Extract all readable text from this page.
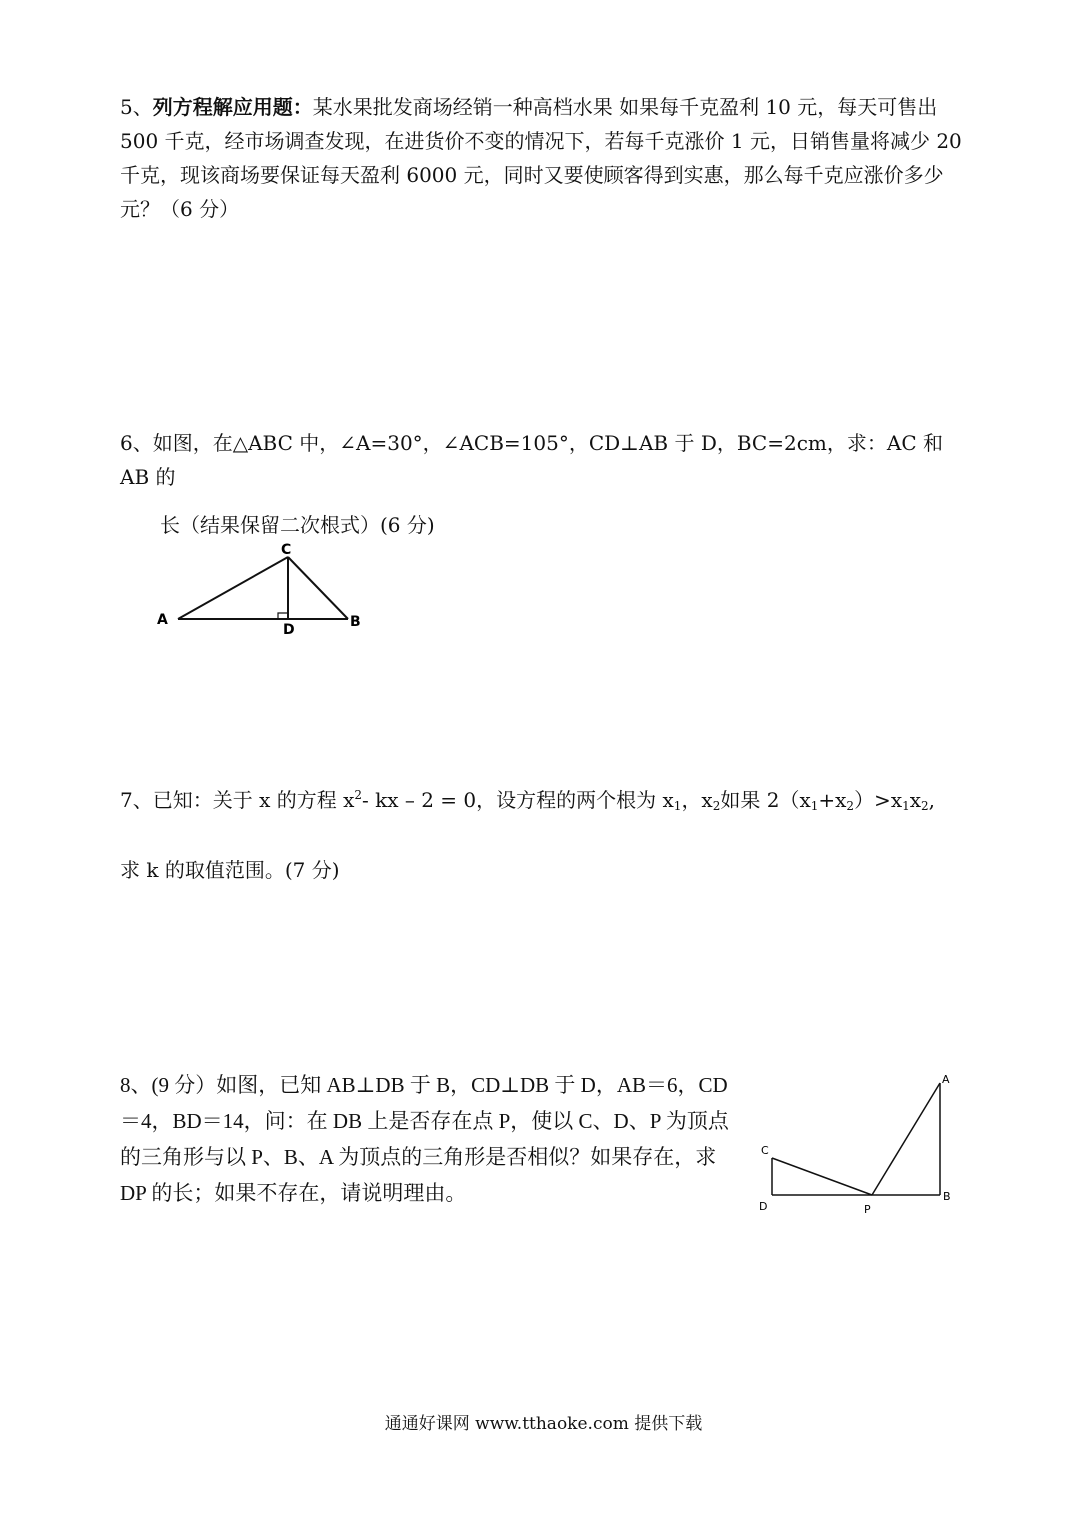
5、列方程解应用题：某水果批发商场经销一种高档水果 如果每千克盈利 10 元，每天可售出 500 千克，经市场调查发现，在进货价不变的情况下，若每千克涨价 1 元，日销售量将减少 20 千克，现该商场要保证每天盈利 6000 元，同时又要使顾客得到实惠，那么每千克应涨价多少元？（6 分）
6、如图，在△ABC 中，∠A=30°，∠ACB=105°，CD⊥AB 于 D，BC=2cm，求：AC 和 AB 的
长（结果保留二次根式）(6 分)
A	B
C
D
7、已知：关于 x 的方程 $x^2-$ kx – 2 = 0，设方程的两个根为 $x_1$，$x_2$如果 $2(x_1+x_2)>x_1x_2$,
求 k 的取值范围。(7 分)
8、(9 分）如图，已知 AB⊥DB 于 B，CD⊥DB 于 D，AB＝6，CD＝4，BD＝14，问：在 DB 上是否存在点 P，使以 C、D、P 为顶点的三角形与以 P、B、A 为顶点的三角形是否相似？如果存在，求 DP 的长；如果不存在，请说明理由。
A
B
C
D	P
通通好课网 www.tthaoke.com 提供下载
